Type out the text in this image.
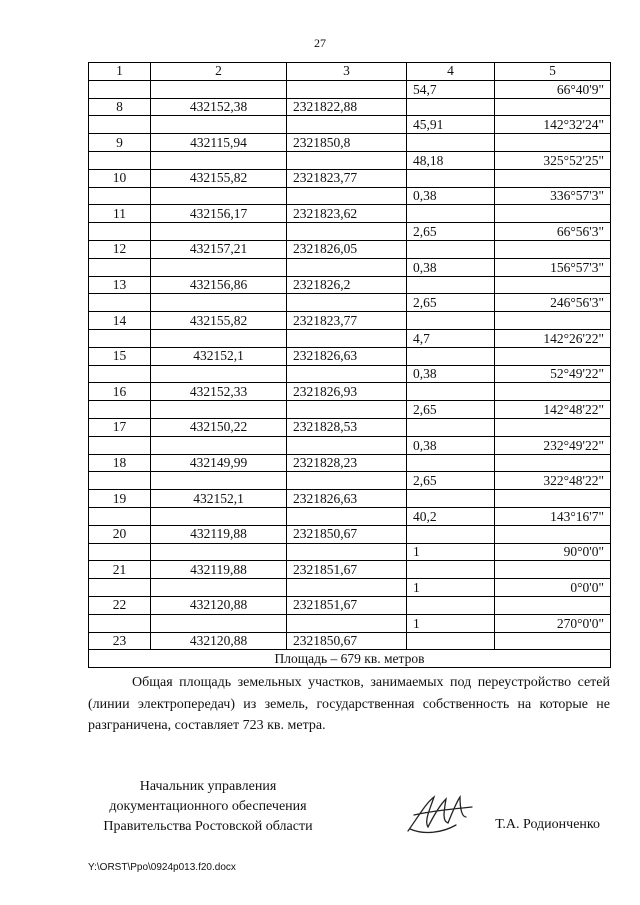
27
1	2	3	4	5
			54,7	66°40'9"
8	432152,38	2321822,88		
			45,91	142°32'24"
9	432115,94	2321850,8		
			48,18	325°52'25"
10	432155,82	2321823,77		
			0,38	336°57'3"
11	432156,17	2321823,62		
			2,65	66°56'3"
12	432157,21	2321826,05		
			0,38	156°57'3"
13	432156,86	2321826,2		
			2,65	246°56'3"
14	432155,82	2321823,77		
			4,7	142°26'22"
15	432152,1	2321826,63		
			0,38	52°49'22"
16	432152,33	2321826,93		
			2,65	142°48'22"
17	432150,22	2321828,53		
			0,38	232°49'22"
18	432149,99	2321828,23		
			2,65	322°48'22"
19	432152,1	2321826,63		
			40,2	143°16'7"
20	432119,88	2321850,67		
			1	90°0'0"
21	432119,88	2321851,67		
			1	0°0'0"
22	432120,88	2321851,67		
			1	270°0'0"
23	432120,88	2321850,67		
Площадь – 679 кв. метров				
Общая площадь земельных участков, занимаемых под переустройство сетей (линии электропередач) из земель, государственная собственность на которые не разграничена, составляет 723 кв. метра.
Начальник управления
документационного обеспечения
Правительства Ростовской области	Т.А. Родионченко
Y:\ORST\Ppo\0924p013.f20.docx
